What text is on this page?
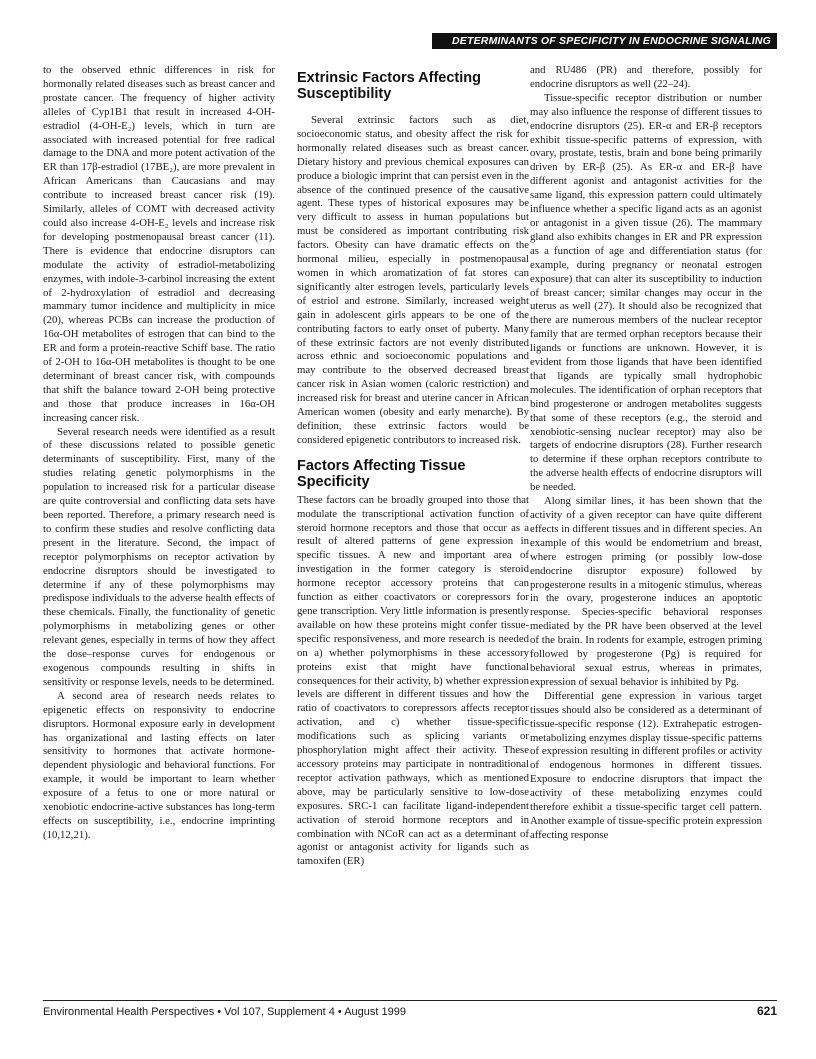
DETERMINANTS OF SPECIFICITY IN ENDOCRINE SIGNALING

to the observed ethnic differences in risk for hormonally related diseases such as breast cancer and prostate cancer. The frequency of higher activity alleles of Cyp1B1 that result in increased 4-OH-estradiol (4-OH-E₂) levels, which in turn are associated with increased potential for free radical damage to the DNA and more potent activation of the ER than 17β-estradiol (17BE₂), are more prevalent in African Americans than Caucasians and may contribute to increased breast cancer risk (19). Similarly, alleles of COMT with decreased activity could also increase 4-OH-E₂ levels and increase risk for developing postmenopausal breast cancer (11). There is evidence that endocrine disruptors can modulate the activity of estradiol-metabolizing enzymes, with indole-3-carbinol increasing the extent of 2-hydroxylation of estradiol and decreasing mammary tumor incidence and multiplicity in mice (20), whereas PCBs can increase the production of 16α-OH metabolites of estrogen that can bind to the ER and form a protein-reactive Schiff base. The ratio of 2-OH to 16α-OH metabolites is thought to be one determinant of breast cancer risk, with compounds that shift the balance toward 2-OH being protective and those that produce increases in 16α-OH increasing cancer risk.

Several research needs were identified as a result of these discussions related to possible genetic determinants of susceptibility. First, many of the studies relating genetic polymorphisms in the population to increased risk for a particular disease are quite controversial and conflicting data sets have been reported. Therefore, a primary research need is to confirm these studies and resolve conflicting data present in the literature. Second, the impact of receptor polymorphisms on receptor activation by endocrine disruptors should be investigated to determine if any of these polymorphisms may predispose individuals to the adverse health effects of these chemicals. Finally, the functionality of genetic polymorphisms in metabolizing genes or other relevant genes, especially in terms of how they affect the dose–response curves for endogenous or exogenous compounds resulting in shifts in sensitivity or response levels, needs to be determined.

A second area of research needs relates to epigenetic effects on responsivity to endocrine disruptors. Hormonal exposure early in development has organizational and lasting effects on later sensitivity to hormones that activate hormone-dependent physiologic and behavioral functions. For example, it would be important to learn whether exposure of a fetus to one or more natural or xenobiotic endocrine-active substances has long-term effects on susceptibility, i.e., endocrine imprinting (10,12,21).

Extrinsic Factors Affecting Susceptibility

Several extrinsic factors such as diet, socioeconomic status, and obesity affect the risk for hormonally related diseases such as breast cancer. Dietary history and previous chemical exposures can produce a biologic imprint that can persist even in the absence of the continued presence of the causative agent. These types of historical exposures may be very difficult to assess in human populations but must be considered as important contributing risk factors. Obesity can have dramatic effects on the hormonal milieu, especially in postmenopausal women in which aromatization of fat stores can significantly alter estrogen levels, particularly levels of estriol and estrone. Similarly, increased weight gain in adolescent girls appears to be one of the contributing factors to early onset of puberty. Many of these extrinsic factors are not evenly distributed across ethnic and socioeconomic populations and may contribute to the observed decreased breast cancer risk in Asian women (caloric restriction) and increased risk for breast and uterine cancer in African American women (obesity and early menarche). By definition, these extrinsic factors would be considered epigenetic contributors to increased risk.

Factors Affecting Tissue Specificity

These factors can be broadly grouped into those that modulate the transcriptional activation function of steroid hormone receptors and those that occur as a result of altered patterns of gene expression in specific tissues. A new and important area of investigation in the former category is steroid hormone receptor accessory proteins that can function as either coactivators or corepressors for gene transcription. Very little information is presently available on how these proteins might confer tissue-specific responsiveness, and more research is needed on a) whether polymorphisms in these accessory proteins exist that might have functional consequences for their activity, b) whether expression levels are different in different tissues and how the ratio of coactivators to corepressors affects receptor activation, and c) whether tissue-specific modifications such as splicing variants or phosphorylation might affect their activity. These accessory proteins may participate in nontraditional receptor activation pathways, which as mentioned above, may be particularly sensitive to low-dose exposures. SRC-1 can facilitate ligand-independent activation of steroid hormone receptors and in combination with NCoR can act as a determinant of agonist or antagonist activity for ligands such as tamoxifen (ER)

and RU486 (PR) and therefore, possibly for endocrine disruptors as well (22–24).

Tissue-specific receptor distribution or number may also influence the response of different tissues to endocrine disruptors (25). ER-α and ER-β receptors exhibit tissue-specific patterns of expression, with ovary, prostate, testis, brain and bone being primarily driven by ER-β (25). As ER-α and ER-β have different agonist and antagonist activities for the same ligand, this expression pattern could ultimately influence whether a specific ligand acts as an agonist or antagonist in a given tissue (26). The mammary gland also exhibits changes in ER and PR expression as a function of age and differentiation status (for example, during pregnancy or neonatal estrogen exposure) that can alter its susceptibility to induction of breast cancer; similar changes may occur in the uterus as well (27). It should also be recognized that there are numerous members of the nuclear receptor family that are termed orphan receptors because their ligands or functions are unknown. However, it is evident from those ligands that have been identified that ligands are typically small hydrophobic molecules. The identification of orphan receptors that bind progesterone or androgen metabolites suggests that some of these receptors (e.g., the steroid and xenobiotic-sensing nuclear receptor) may also be targets of endocrine disruptors (28). Further research to determine if these orphan receptors contribute to the adverse health effects of endocrine disruptors will be needed.

Along similar lines, it has been shown that the activity of a given receptor can have quite different effects in different tissues and in different species. An example of this would be endometrium and breast, where estrogen priming (or possibly low-dose endocrine disruptor exposure) followed by progesterone results in a mitogenic stimulus, whereas in the ovary, progesterone induces an apoptotic response. Species-specific behavioral responses mediated by the PR have been observed at the level of the brain. In rodents for example, estrogen priming followed by progesterone (Pg) is required for behavioral sexual estrus, whereas in primates, expression of sexual behavior is inhibited by Pg.

Differential gene expression in various target tissues should also be considered as a determinant of tissue-specific response (12). Extrahepatic estrogen-metabolizing enzymes display tissue-specific patterns of expression resulting in different profiles or activity of endogenous hormones in different tissues. Exposure to endocrine disruptors that impact the activity of these metabolizing enzymes could therefore exhibit a tissue-specific target cell pattern. Another example of tissue-specific protein expression affecting response

Environmental Health Perspectives • Vol 107, Supplement 4 • August 1999	621
